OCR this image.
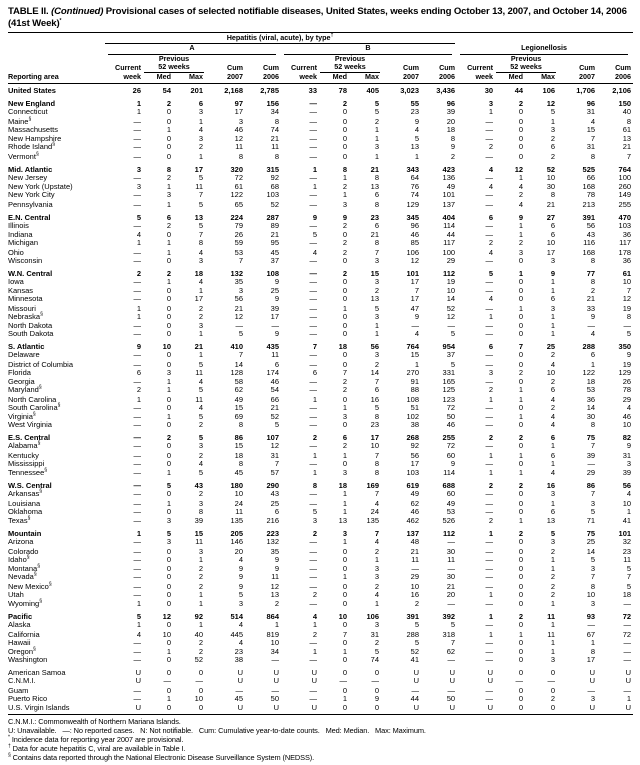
TABLE II. (Continued) Provisional cases of selected notifiable diseases, United States, weeks ending October 13, 2007, and October 14, 2006 (41st Week)*

	Hepatitis (viral, acute), by type†

	A					B					Legionellosis				

		Previous					Previous					Previous			
	Current	52 weeks		Cum	Cum	Current	52 weeks		Cum	Cum	Current	52 weeks		Cum	Cum
Reporting area	week	Med	Max	2007	2006	week	Med	Max	2007	2006	week	Med	Max	2007	2006
United States	26	54	201	2,168	2,785	33	78	405	3,023	3,436	30	44	106	1,706	2,106
New England	1	2	6	97	156	—	2	5	55	96	3	2	12	96	150
Connecticut	1	0	3	17	34	—	0	5	23	39	1	0	5	31	40
Maine§	—	0	1	3	8	—	0	2	9	20	—	0	1	4	8
Massachusetts	—	1	4	46	74	—	0	1	4	18	—	0	3	15	61
New Hampshire	—	0	3	12	21	—	0	1	5	8	—	0	2	7	13
Rhode Island§	—	0	2	11	11	—	0	3	13	9	2	0	6	31	21
Vermont§	—	0	1	8	8	—	0	1	1	2	—	0	2	8	7
Mid. Atlantic	3	8	17	320	315	1	8	21	343	423	4	12	52	525	764
New Jersey	—	2	5	72	92	—	1	8	64	136	—	1	10	66	100
New York (Upstate)	3	1	11	61	68	1	2	13	76	49	4	4	30	168	260
New York City	—	3	7	122	103	—	1	6	74	101	—	2	8	78	149
Pennsylvania	—	1	5	65	52	—	3	8	129	137	—	4	21	213	255
E.N. Central	5	6	13	224	287	9	9	23	345	404	6	9	27	391	470
Illinois	—	2	5	79	89	—	2	6	96	114	—	1	6	56	103
Indiana	4	0	7	26	21	5	0	21	46	44	—	1	6	43	36
Michigan	1	1	8	59	95	—	2	8	85	117	2	2	10	116	117
Ohio	—	1	4	53	45	4	2	7	106	100	4	3	17	168	178
Wisconsin	—	0	3	7	37	—	0	3	12	29	—	0	3	8	36
W.N. Central	2	2	18	132	108	—	2	15	101	112	5	1	9	77	61
Iowa	—	1	4	35	9	—	0	3	17	19	—	0	1	8	10
Kansas	—	0	1	3	25	—	0	2	7	10	—	0	1	2	7
Minnesota	—	0	17	56	9	—	0	13	17	14	4	0	6	21	12
Missouri	1	0	2	21	39	—	1	5	47	52	—	1	3	33	19
Nebraska§	1	0	2	12	17	—	0	3	9	12	1	0	1	9	8
North Dakota	—	0	3	—	—	—	0	1	—	—	—	0	1	—	—
South Dakota	—	0	1	5	9	—	0	1	4	5	—	0	1	4	5
S. Atlantic	9	10	21	410	435	7	18	56	764	954	6	7	25	288	350
Delaware	—	0	1	7	11	—	0	3	15	37	—	0	2	6	9
District of Columbia	—	0	5	14	6	—	0	2	1	5	—	0	4	1	19
Florida	6	3	11	128	174	6	7	14	270	331	3	2	10	122	129
Georgia	—	1	4	58	46	—	2	7	91	165	—	0	2	18	26
Maryland§	2	1	5	62	54	—	2	6	88	125	2	1	6	53	78
North Carolina	1	0	11	49	66	1	0	16	108	123	1	1	4	36	29
South Carolina§	—	0	4	15	21	—	1	5	51	72	—	0	2	14	4
Virginia§	—	1	5	69	52	—	3	8	102	50	—	1	4	30	46
West Virginia	—	0	2	8	5	—	0	23	38	46	—	0	4	8	10
E.S. Central	—	2	5	86	107	2	6	17	268	255	2	2	6	75	82
Alabama§	—	0	3	15	12	—	2	10	92	72	—	0	1	7	9
Kentucky	—	0	2	18	31	1	1	7	56	60	1	1	6	39	31
Mississippi	—	0	4	8	7	—	0	8	17	9	—	0	1	—	3
Tennessee§	—	1	5	45	57	1	3	8	103	114	1	1	4	29	39
W.S. Central	—	5	43	180	290	8	18	169	619	688	2	2	16	86	56
Arkansas§	—	0	2	10	43	—	1	7	49	60	—	0	3	7	4
Louisiana	—	1	3	24	25	—	1	4	62	49	—	0	1	3	10
Oklahoma	—	0	8	11	6	5	1	24	46	53	—	0	6	5	1
Texas§	—	3	39	135	216	3	13	135	462	526	2	1	13	71	41
Mountain	1	5	15	205	223	2	3	7	137	112	1	2	5	75	101
Arizona	—	3	11	146	132	—	1	4	48	—	—	0	3	25	32
Colorado	—	0	3	20	35	—	0	2	21	30	—	0	2	14	23
Idaho§	—	0	1	4	9	—	0	1	11	11	—	0	1	5	11
Montana§	—	0	2	9	9	—	0	3	—	—	—	0	1	3	5
Nevada§	—	0	2	9	11	—	1	3	29	30	—	0	2	7	7
New Mexico§	—	0	2	9	12	—	0	2	10	21	—	0	2	8	5
Utah	—	0	1	5	13	2	0	4	16	20	1	0	2	10	18
Wyoming§	1	0	1	3	2	—	0	1	2	—	—	0	1	3	—
Pacific	5	12	92	514	864	4	10	106	391	392	1	2	11	93	72
Alaska	1	0	1	4	1	1	0	3	5	5	—	0	1	—	—
California	4	10	40	445	819	2	7	31	288	318	1	1	11	67	72
Hawaii	—	0	2	4	10	—	0	2	5	7	—	0	1	1	—
Oregon§	—	1	2	23	34	1	1	5	52	62	—	0	1	8	—
Washington	—	0	52	38	—	—	0	74	41	—	—	0	3	17	—
American Samoa	U	0	0	U	U	U	0	0	U	U	U	0	0	U	U
C.N.M.I.	U	—	—	U	U	U	—	—	U	U	U	—	—	U	U
Guam	—	0	0	—	—	—	0	0	—	—	—	0	0	—	—
Puerto Rico	—	1	10	45	50	—	1	9	44	50	—	0	2	3	1
U.S. Virgin Islands	U	0	0	U	U	U	0	0	U	U	U	0	0	U	U
C.N.M.I.: Commonwealth of Northern Mariana Islands.
U: Unavailable.   —: No reported cases.   N: Not notifiable.   Cum: Cumulative year-to-date counts.   Med: Median.   Max: Maximum.
* Incidence data for reporting year 2007 are provisional.
† Data for acute hepatitis C, viral are available in Table I.
§ Contains data reported through the National Electronic Disease Surveillance System (NEDSS).
